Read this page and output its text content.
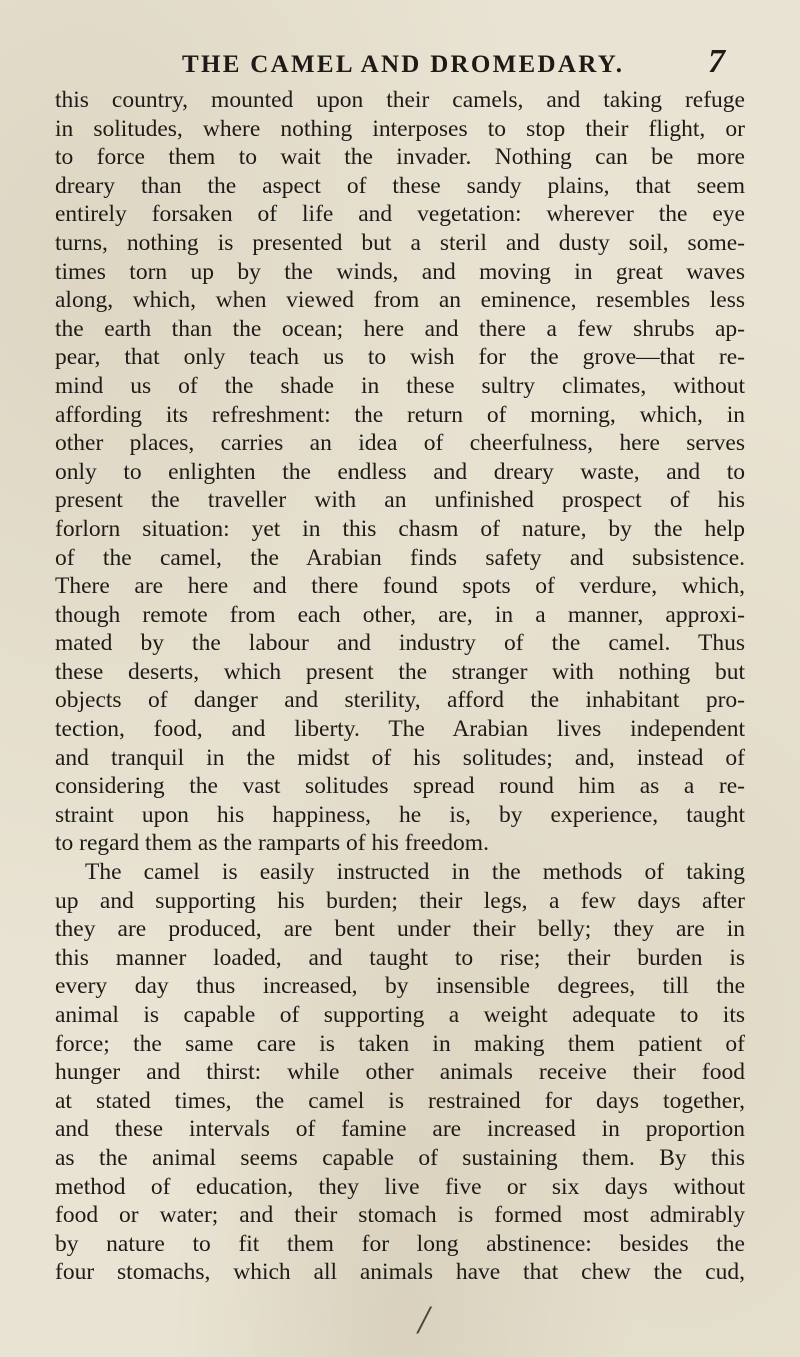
THE CAMEL AND DROMEDARY. 7
this country, mounted upon their camels, and taking refuge
in solitudes, where nothing interposes to stop their flight, or
to force them to wait the invader. Nothing can be more
dreary than the aspect of these sandy plains, that seem
entirely forsaken of life and vegetation: wherever the eye
turns, nothing is presented but a steril and dusty soil, some-
times torn up by the winds, and moving in great waves
along, which, when viewed from an eminence, resembles less
the earth than the ocean; here and there a few shrubs ap-
pear, that only teach us to wish for the grove—that re-
mind us of the shade in these sultry climates, without
affording its refreshment: the return of morning, which, in
other places, carries an idea of cheerfulness, here serves
only to enlighten the endless and dreary waste, and to
present the traveller with an unfinished prospect of his
forlorn situation: yet in this chasm of nature, by the help
of the camel, the Arabian finds safety and subsistence.
There are here and there found spots of verdure, which,
though remote from each other, are, in a manner, approxi-
mated by the labour and industry of the camel. Thus
these deserts, which present the stranger with nothing but
objects of danger and sterility, afford the inhabitant pro-
tection, food, and liberty. The Arabian lives independent
and tranquil in the midst of his solitudes; and, instead of
considering the vast solitudes spread round him as a re-
straint upon his happiness, he is, by experience, taught
to regard them as the ramparts of his freedom.
The camel is easily instructed in the methods of taking
up and supporting his burden; their legs, a few days after
they are produced, are bent under their belly; they are in
this manner loaded, and taught to rise; their burden is
every day thus increased, by insensible degrees, till the
animal is capable of supporting a weight adequate to its
force; the same care is taken in making them patient of
hunger and thirst: while other animals receive their food
at stated times, the camel is restrained for days together,
and these intervals of famine are increased in proportion
as the animal seems capable of sustaining them. By this
method of education, they live five or six days without
food or water; and their stomach is formed most admirably
by nature to fit them for long abstinence: besides the
four stomachs, which all animals have that chew the cud,
/
